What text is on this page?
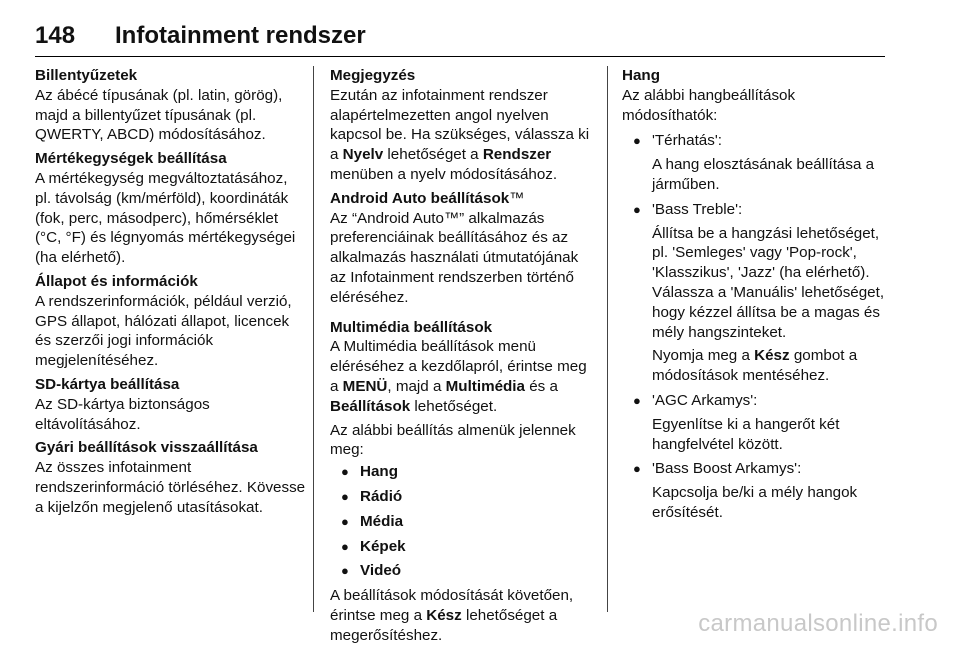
148	Infotainment rendszer
Billentyűzetek
Az ábécé típusának (pl. latin, görög), majd a billentyűzet típusának (pl. QWERTY, ABCD) módosításához.
Mértékegységek beállítása
A mértékegység megváltoztatásához, pl. távolság (km/mérföld), koordináták (fok, perc, másodperc), hőmérséklet (°C, °F) és légnyomás mértékegységei (ha elérhető).
Állapot és információk
A rendszerinformációk, például verzió, GPS állapot, hálózati állapot, licencek és szerzői jogi információk megjelenítéséhez.
SD-kártya beállítása
Az SD-kártya biztonságos eltávolításához.
Gyári beállítások visszaállítása
Az összes infotainment rendszerinformáció törléséhez. Kövesse a kijelzőn megjelenő utasításokat.
Megjegyzés
Ezután az infotainment rendszer alapértelmezetten angol nyelven kapcsol be. Ha szükséges, válassza ki a Nyelv lehetőséget a Rendszer menüben a nyelv módosításához.
Android Auto beállítások™
Az “Android Auto™” alkalmazás preferenciáinak beállításához és az alkalmazás használati útmutatójának az Infotainment rendszerben történő eléréséhez.
Multimédia beállítások
A Multimédia beállítások menü eléréséhez a kezdőlapról, érintse meg a MENÜ, majd a Multimédia és a Beállítások lehetőséget.
Az alábbi beállítás almenük jelennek meg:
● Hang
● Rádió
● Média
● Képek
● Videó
A beállítások módosítását követően, érintse meg a Kész lehetőséget a megerősítéshez.
Hang
Az alábbi hangbeállítások módosíthatók:
● 'Térhatás':
A hang elosztásának beállítása a járműben.
● 'Bass Treble':
Állítsa be a hangzási lehetőséget, pl. 'Semleges' vagy 'Pop-rock', 'Klasszikus', 'Jazz' (ha elérhető). Válassza a 'Manuális' lehetőséget, hogy kézzel állítsa be a magas és mély hangszinteket.
Nyomja meg a Kész gombot a módosítások mentéséhez.
● 'AGC Arkamys':
Egyenlítse ki a hangerőt két hangfelvétel között.
● 'Bass Boost Arkamys':
Kapcsolja be/ki a mély hangok erősítését.
carmanualsonline.info
